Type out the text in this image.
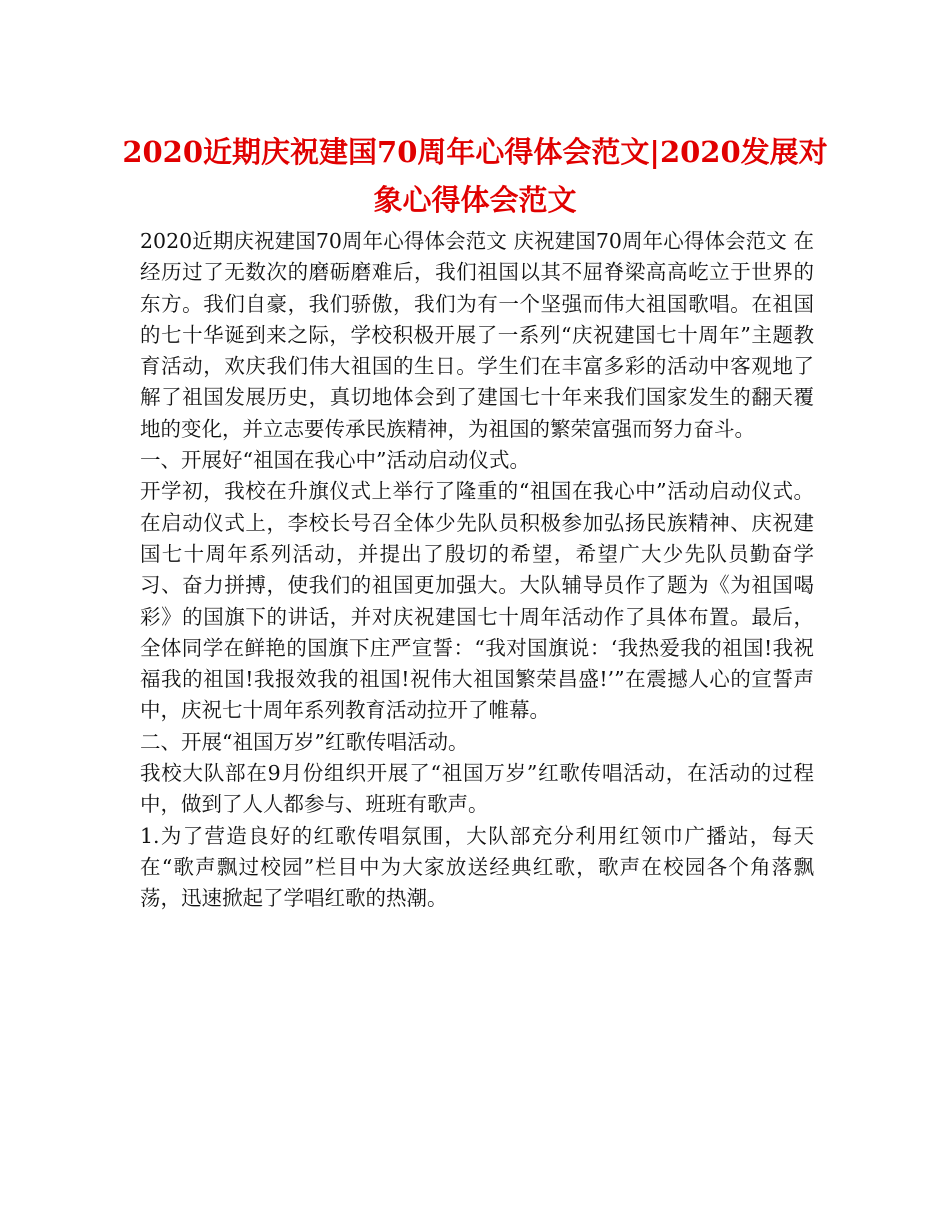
2020近期庆祝建国70周年心得体会范文|2020发展对象心得体会范文

2020近期庆祝建国70周年心得体会范文 庆祝建国70周年心得体会范文 在经历过了无数次的磨砺磨难后，我们祖国以其不屈脊梁高高屹立于世界的东方。我们自豪，我们骄傲，我们为有一个坚强而伟大祖国歌唱。在祖国的七十华诞到来之际，学校积极开展了一系列“庆祝建国七十周年”主题教育活动，欢庆我们伟大祖国的生日。学生们在丰富多彩的活动中客观地了解了祖国发展历史，真切地体会到了建国七十年来我们国家发生的翻天覆地的变化，并立志要传承民族精神，为祖国的繁荣富强而努力奋斗。

一、开展好“祖国在我心中”活动启动仪式。

开学初，我校在升旗仪式上举行了隆重的“祖国在我心中”活动启动仪式。在启动仪式上，李校长号召全体少先队员积极参加弘扬民族精神、庆祝建国七十周年系列活动，并提出了殷切的希望，希望广大少先队员勤奋学习、奋力拼搏，使我们的祖国更加强大。大队辅导员作了题为《为祖国喝彩》的国旗下的讲话，并对庆祝建国七十周年活动作了具体布置。最后，全体同学在鲜艳的国旗下庄严宣誓：“我对国旗说：‘我热爱我的祖国!我祝福我的祖国!我报效我的祖国!祝伟大祖国繁荣昌盛!’”在震撼人心的宣誓声中，庆祝七十周年系列教育活动拉开了帷幕。

二、开展“祖国万岁”红歌传唱活动。

我校大队部在9月份组织开展了“祖国万岁”红歌传唱活动，在活动的过程中，做到了人人都参与、班班有歌声。

1.为了营造良好的红歌传唱氛围，大队部充分利用红领巾广播站，每天在“歌声飘过校园”栏目中为大家放送经典红歌，歌声在校园各个角落飘荡，迅速掀起了学唱红歌的热潮。
